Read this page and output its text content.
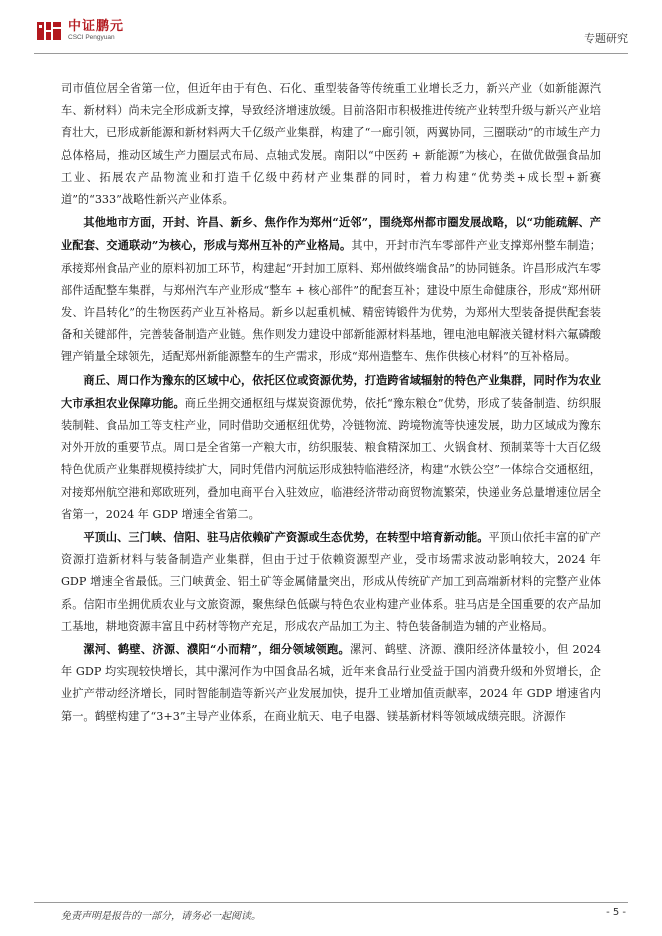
中证鹏元
CSCI Pengyuan	专题研究

司市值位居全省第一位，但近年由于有色、石化、重型装备等传统重工业增长乏力，新兴产业（如新能源汽车、新材料）尚未完全形成新支撑，导致经济增速放缓。目前洛阳市积极推进传统产业转型升级与新兴产业培育壮大，已形成新能源和新材料两大千亿级产业集群，构建了“一廊引领，两翼协同，三圈联动”的市域生产力总体格局，推动区域生产力圈层式布局、点轴式发展。南阳以“中医药 + 新能源”为核心，在做优做强食品加工业、拓展农产品物流业和打造千亿级中药材产业集群的同时，着力构建“优势类+成长型+新赛道”的“333”战略性新兴产业体系。

其他地市方面，开封、许昌、新乡、焦作作为郑州“近邻”，围绕郑州都市圈发展战略，以“功能疏解、产业配套、交通联动”为核心，形成与郑州互补的产业格局。其中，开封市汽车零部件产业支撑郑州整车制造；承接郑州食品产业的原料初加工环节，构建起“开封加工原料、郑州做终端食品”的协同链条。许昌形成汽车零部件适配整车集群，与郑州汽车产业形成“整车 + 核心部件”的配套互补；建设中原生命健康谷，形成“郑州研发、许昌转化”的生物医药产业互补格局。新乡以起重机械、精密铸锻件为优势，为郑州大型装备提供配套装备和关键部件，完善装备制造产业链。焦作则发力建设中部新能源材料基地，锂电池电解液关键材料六氟磷酸锂产销量全球领先，适配郑州新能源整车的生产需求，形成“郑州造整车、焦作供核心材料”的互补格局。

商丘、周口作为豫东的区域中心，依托区位或资源优势，打造跨省域辐射的特色产业集群，同时作为农业大市承担农业保障功能。商丘坐拥交通枢纽与煤炭资源优势，依托“豫东粮仓”优势，形成了装备制造、纺织服装制鞋、食品加工等支柱产业，同时借助交通枢纽优势，冷链物流、跨境物流等快速发展，助力区域成为豫东对外开放的重要节点。周口是全省第一产粮大市，纺织服装、粮食精深加工、火锅食材、预制菜等十大百亿级特色优质产业集群规模持续扩大，同时凭借内河航运形成独特临港经济，构建“水铁公空”一体综合交通枢纽，对接郑州航空港和郑欧班列，叠加电商平台入驻效应，临港经济带动商贸物流繁荣，快递业务总量增速位居全省第一，2024 年 GDP 增速全省第二。

平顶山、三门峡、信阳、驻马店依赖矿产资源或生态优势，在转型中培育新动能。平顶山依托丰富的矿产资源打造新材料与装备制造产业集群，但由于过于依赖资源型产业，受市场需求波动影响较大，2024 年 GDP 增速全省最低。三门峡黄金、铝土矿等金属储量突出，形成从传统矿产加工到高端新材料的完整产业体系。信阳市坐拥优质农业与文旅资源，聚焦绿色低碳与特色农业构建产业体系。驻马店是全国重要的农产品加工基地，耕地资源丰富且中药材等物产充足，形成农产品加工为主、特色装备制造为辅的产业格局。

漯河、鹤壁、济源、濮阳“小而精”，细分领域领跑。漯河、鹤壁、济源、濮阳经济体量较小，但 2024 年 GDP 均实现较快增长，其中漯河作为中国食品名城，近年来食品行业受益于国内消费升级和外贸增长，企业扩产带动经济增长，同时智能制造等新兴产业发展加快，提升工业增加值贡献率，2024 年 GDP 增速省内第一。鹤壁构建了“3+3”主导产业体系，在商业航天、电子电器、镁基新材料等领域成绩亮眼。济源作

免责声明是报告的一部分，请务必一起阅读。	- 5 -
